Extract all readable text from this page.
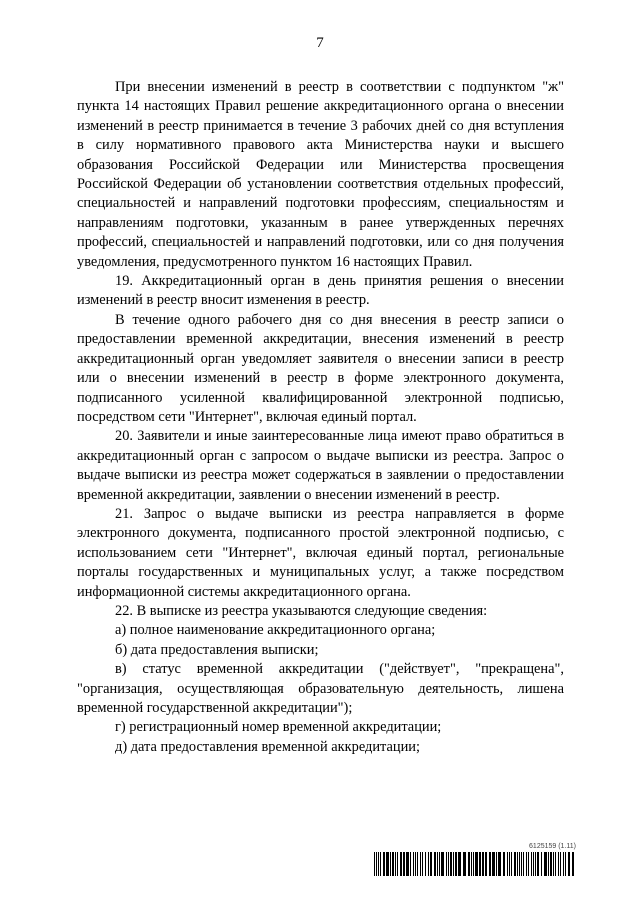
7

При внесении изменений в реестр в соответствии с подпунктом "ж" пункта 14 настоящих Правил решение аккредитационного органа о внесении изменений в реестр принимается в течение 3 рабочих дней со дня вступления в силу нормативного правового акта Министерства науки и высшего образования Российской Федерации или Министерства просвещения Российской Федерации об установлении соответствия отдельных профессий, специальностей и направлений подготовки профессиям, специальностям и направлениям подготовки, указанным в ранее утвержденных перечнях профессий, специальностей и направлений подготовки, или со дня получения уведомления, предусмотренного пунктом 16 настоящих Правил.

19. Аккредитационный орган в день принятия решения о внесении изменений в реестр вносит изменения в реестр.

В течение одного рабочего дня со дня внесения в реестр записи о предоставлении временной аккредитации, внесения изменений в реестр аккредитационный орган уведомляет заявителя о внесении записи в реестр или о внесении изменений в реестр в форме электронного документа, подписанного усиленной квалифицированной электронной подписью, посредством сети "Интернет", включая единый портал.

20. Заявители и иные заинтересованные лица имеют право обратиться в аккредитационный орган с запросом о выдаче выписки из реестра. Запрос о выдаче выписки из реестра может содержаться в заявлении о предоставлении временной аккредитации, заявлении о внесении изменений в реестр.

21. Запрос о выдаче выписки из реестра направляется в форме электронного документа, подписанного простой электронной подписью, с использованием сети "Интернет", включая единый портал, региональные порталы государственных и муниципальных услуг, а также посредством информационной системы аккредитационного органа.

22. В выписке из реестра указываются следующие сведения:

а) полное наименование аккредитационного органа;

б) дата предоставления выписки;

в) статус временной аккредитации ("действует", "прекращена", "организация, осуществляющая образовательную деятельность, лишена временной государственной аккредитации");

г) регистрационный номер временной аккредитации;

д) дата предоставления временной аккредитации;

6125159 (1.11)
